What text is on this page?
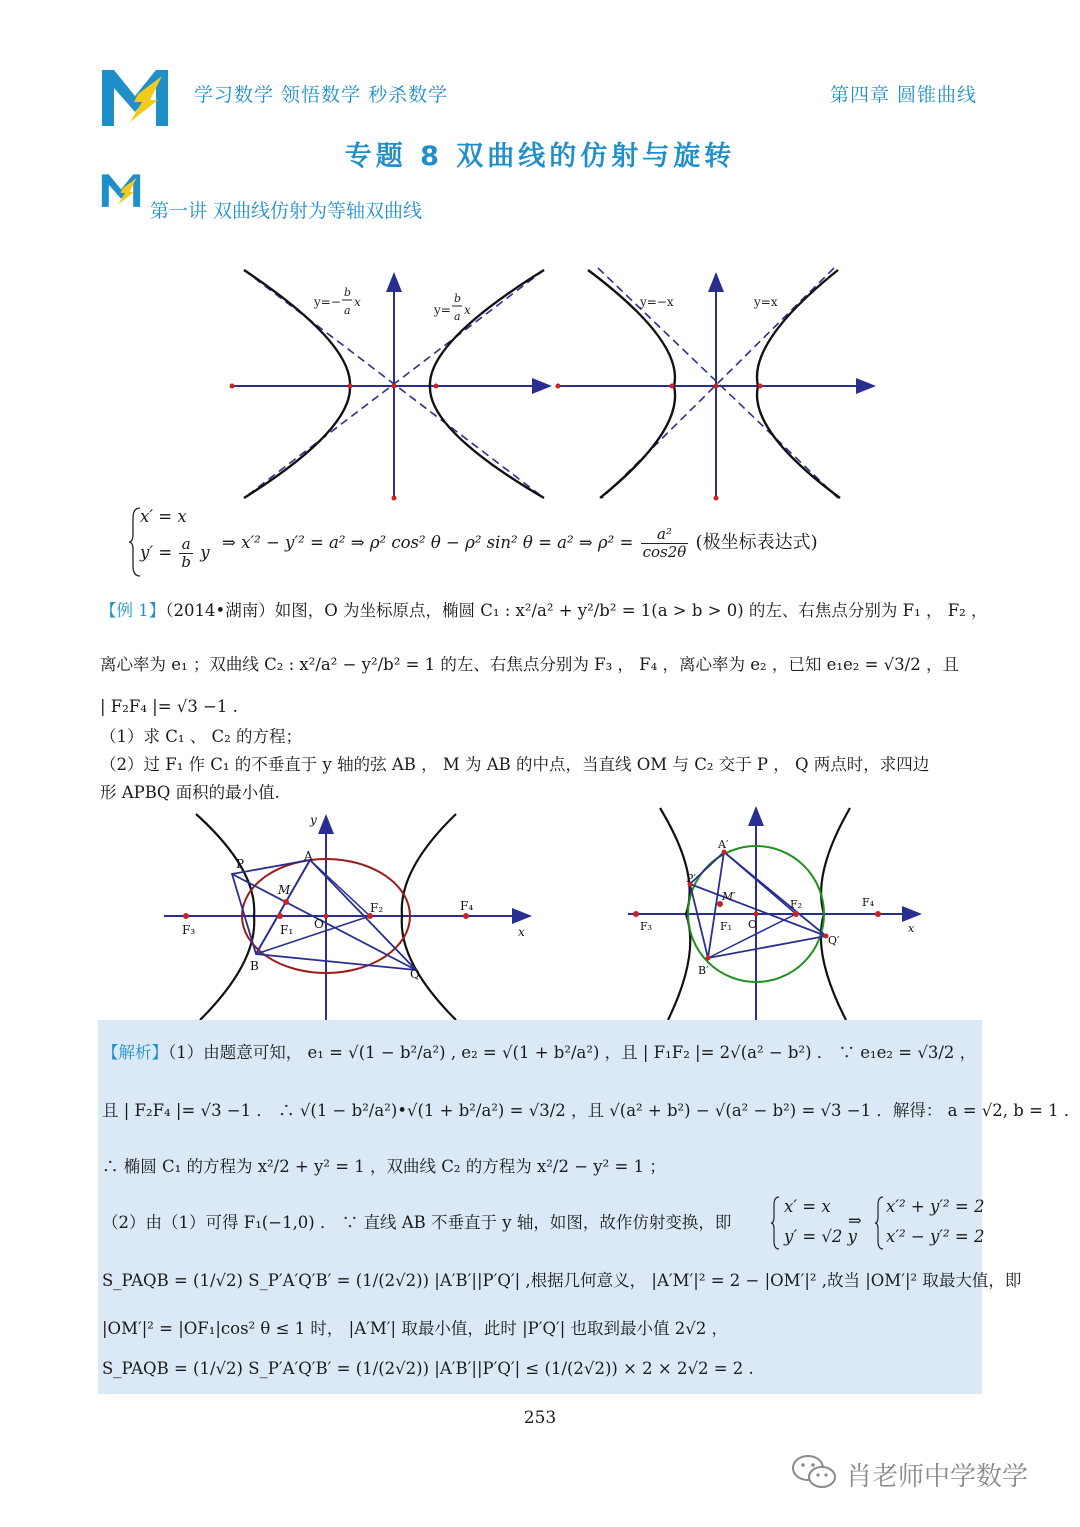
学习数学 领悟数学 秒杀数学	第四章 圆锥曲线
专题 8 双曲线的仿射与旋转
第一讲 双曲线仿射为等轴双曲线
y=−
b
a
x
y=
b
a x
y=−x	y=x
x′ = x
$y' = \frac{a}{b}$ y
⇒ x′² − y′² = a² ⇒ ρ² cos² θ − ρ² sin² θ = a² ⇒ $\rho^2 = \frac{\text{a²}}{\cos 2\theta}$ (极坐标表达式)
【例 1】（2014•湖南）如图，O 为坐标原点，椭圆 C₁ : x²/a² + y²/b² = 1(a > b > 0) 的左、右焦点分别为 F₁ ， F₂ ，
离心率为 e₁ ；双曲线 C₂ : x²/a² − y²/b² = 1 的左、右焦点分别为 F₃ ， F₄ ，离心率为 e₂ ，已知 e₁e₂ = √3/2 ，且
| F₂F₄ |= √3 −1 .
（1）求 C₁ 、 C₂ 的方程；
（2）过 F₁ 作 C₁ 的不垂直于 y 轴的弦 AB ， M 为 AB 的中点，当直线 OM 与 C₂ 交于 P ， Q 两点时，求四边
形 APBQ 面积的最小值.
y
x
P
A
M
F₂
F₁
F₃
F₄
O
B
Q
A′
P′
M′
F₂
F₁
F₃
F₄
O
B′
Q′
x
【解析】（1）由题意可知， e₁ = √(1 − b²/a²) , e₂ = √(1 + b²/a²) ，且 | F₁F₂ |= 2√(a² − b²) ． ∵ e₁e₂ = √3/2 ，
且 | F₂F₄ |= √3 −1 ． ∴ √(1 − b²/a²)•√(1 + b²/a²) = √3/2 ，且 √(a² + b²) − √(a² − b²) = √3 −1 ．解得： a = √2, b = 1 ．
∴ 椭圆 C₁ 的方程为 x²/2 + y² = 1 ，双曲线 C₂ 的方程为 x²/2 − y² = 1 ；
（2）由（1）可得 F₁(−1,0) ． ∵ 直线 AB 不垂直于 y 轴，如图，故作仿射变换，即
x′ = x
y′ = √2 y
⇒
x′² + y′² = 2
x′² − y′² = 2
S_PAQB = (1/√2) S_P′A′Q′B′ = (1/(2√2)) |A′B′||P′Q′| ,根据几何意义， |A′M′|² = 2 − |OM′|² ,故当 |OM′|² 取最大值，即
|OM′|² = |OF₁|cos² θ ≤ 1 时， |A′M′| 取最小值，此时 |P′Q′| 也取到最小值 2√2 ，
S_PAQB = (1/√2) S_P′A′Q′B′ = (1/(2√2)) |A′B′||P′Q′| ≤ (1/(2√2)) × 2 × 2√2 = 2 .
253
肖老师中学数学
